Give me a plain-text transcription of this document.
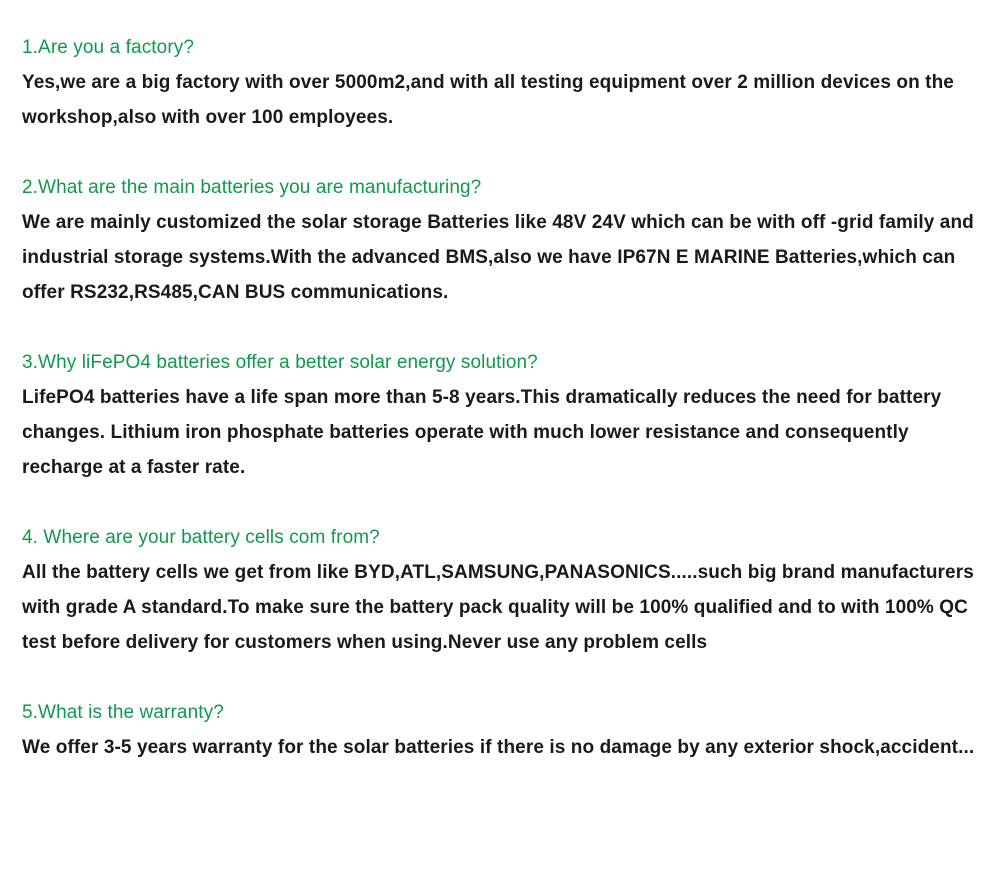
1.Are you a factory?

Yes,we are a big factory with over 5000m2,and with all testing equipment over 2 million devices on the workshop,also with over 100 employees.

2.What are the main batteries you are manufacturing?

We are mainly customized the solar storage Batteries like 48V 24V which can be with off -grid family and industrial storage systems.With the advanced BMS,also we have IP67N E MARINE Batteries,which can offer RS232,RS485,CAN BUS communications.

3.Why liFePO4 batteries offer a better solar energy solution?

LifePO4 batteries have a life span more than 5-8 years.This dramatically reduces the need for battery changes. Lithium iron phosphate batteries operate with much lower resistance and consequently recharge at a faster rate.

4. Where are your battery cells com from?

All the battery cells we get from like BYD,ATL,SAMSUNG,PANASONICS.....such big brand manufacturers with grade A standard.To make sure the battery pack quality will be 100% qualified and to with 100% QC test before delivery for customers when using.Never use any problem cells

5.What is the warranty?

We offer 3-5 years warranty for the solar batteries if there is no damage by any exterior shock,accident...
